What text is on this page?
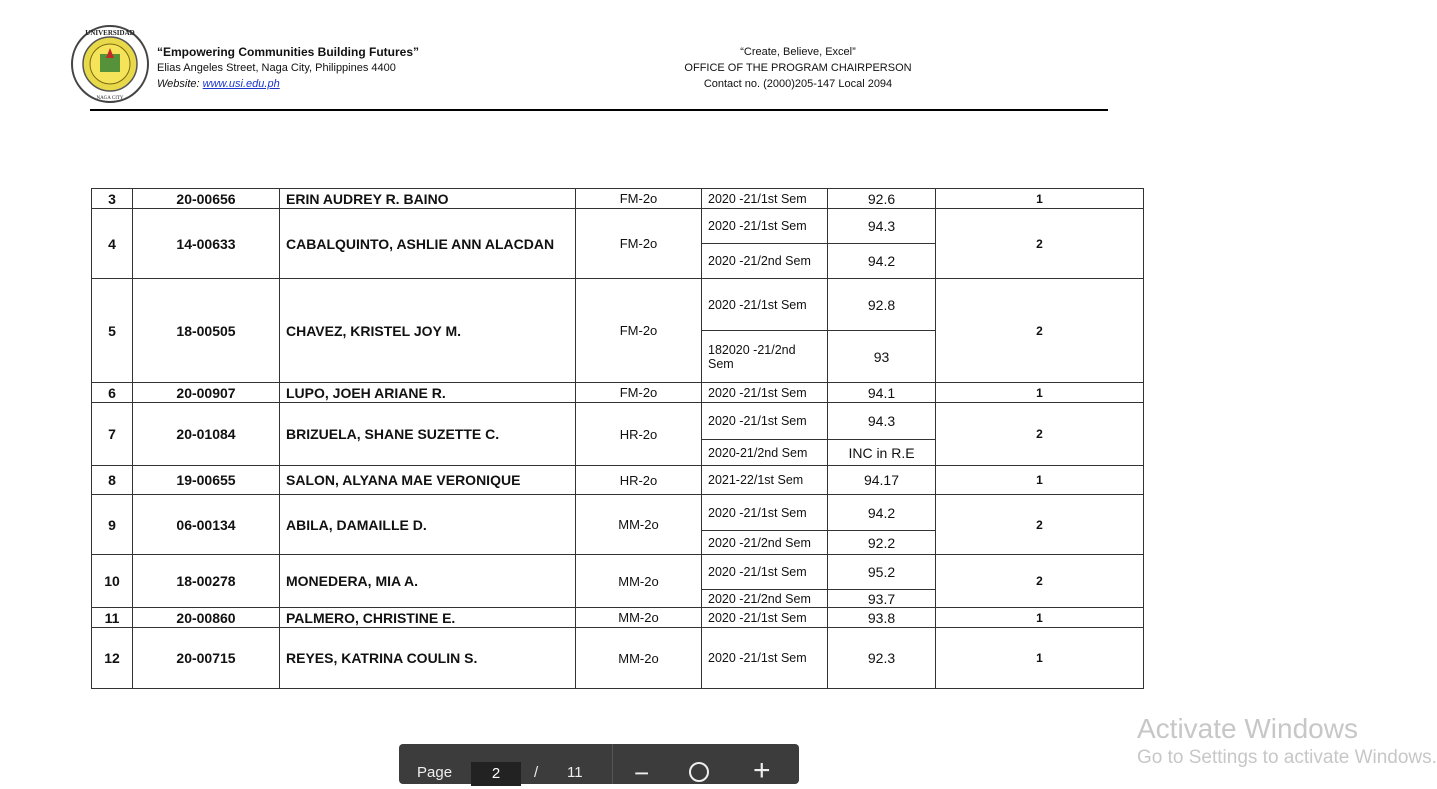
UNIVERSIDAD
NAGA CITY
“Empowering Communities Building Futures”
Elias Angeles Street, Naga City, Philippines 4400
Website: www.usi.edu.ph
“Create, Believe, Excel”
OFFICE OF THE PROGRAM CHAIRPERSON
Contact no. (2000)205-147 Local 2094
3	20-00656	ERIN AUDREY R. BAINO	FM-2o	2020 -21/1st Sem	92.6	1
4	14-00633	CABALQUINTO, ASHLIE ANN ALACDAN	FM-2o	2020 -21/1st Sem	94.3	2
				2020 -21/2nd Sem	94.2	
5	18-00505	CHAVEZ, KRISTEL JOY M.	FM-2o	2020 -21/1st Sem	92.8	2
				182020 -21/2nd Sem	93	
6	20-00907	LUPO, JOEH ARIANE R.	FM-2o	2020 -21/1st Sem	94.1	1
7	20-01084	BRIZUELA, SHANE SUZETTE C.	HR-2o	2020 -21/1st Sem	94.3	2
				2020-21/2nd Sem	INC in R.E	
8	19-00655	SALON, ALYANA MAE VERONIQUE	HR-2o	2021-22/1st Sem	94.17	1
9	06-00134	ABILA, DAMAILLE D.	MM-2o	2020 -21/1st Sem	94.2	2
				2020 -21/2nd Sem	92.2	
10	18-00278	MONEDERA, MIA A.	MM-2o	2020 -21/1st Sem	95.2	2
				2020 -21/2nd Sem	93.7	
11	20-00860	PALMERO, CHRISTINE E.	MM-2o	2020 -21/1st Sem	93.8	1
12	20-00715	REYES, KATRINA COULIN S.	MM-2o	2020 -21/1st Sem	92.3	1
Page	2	/ 11 −	+
Activate Windows
Go to Settings to activate Windows.
